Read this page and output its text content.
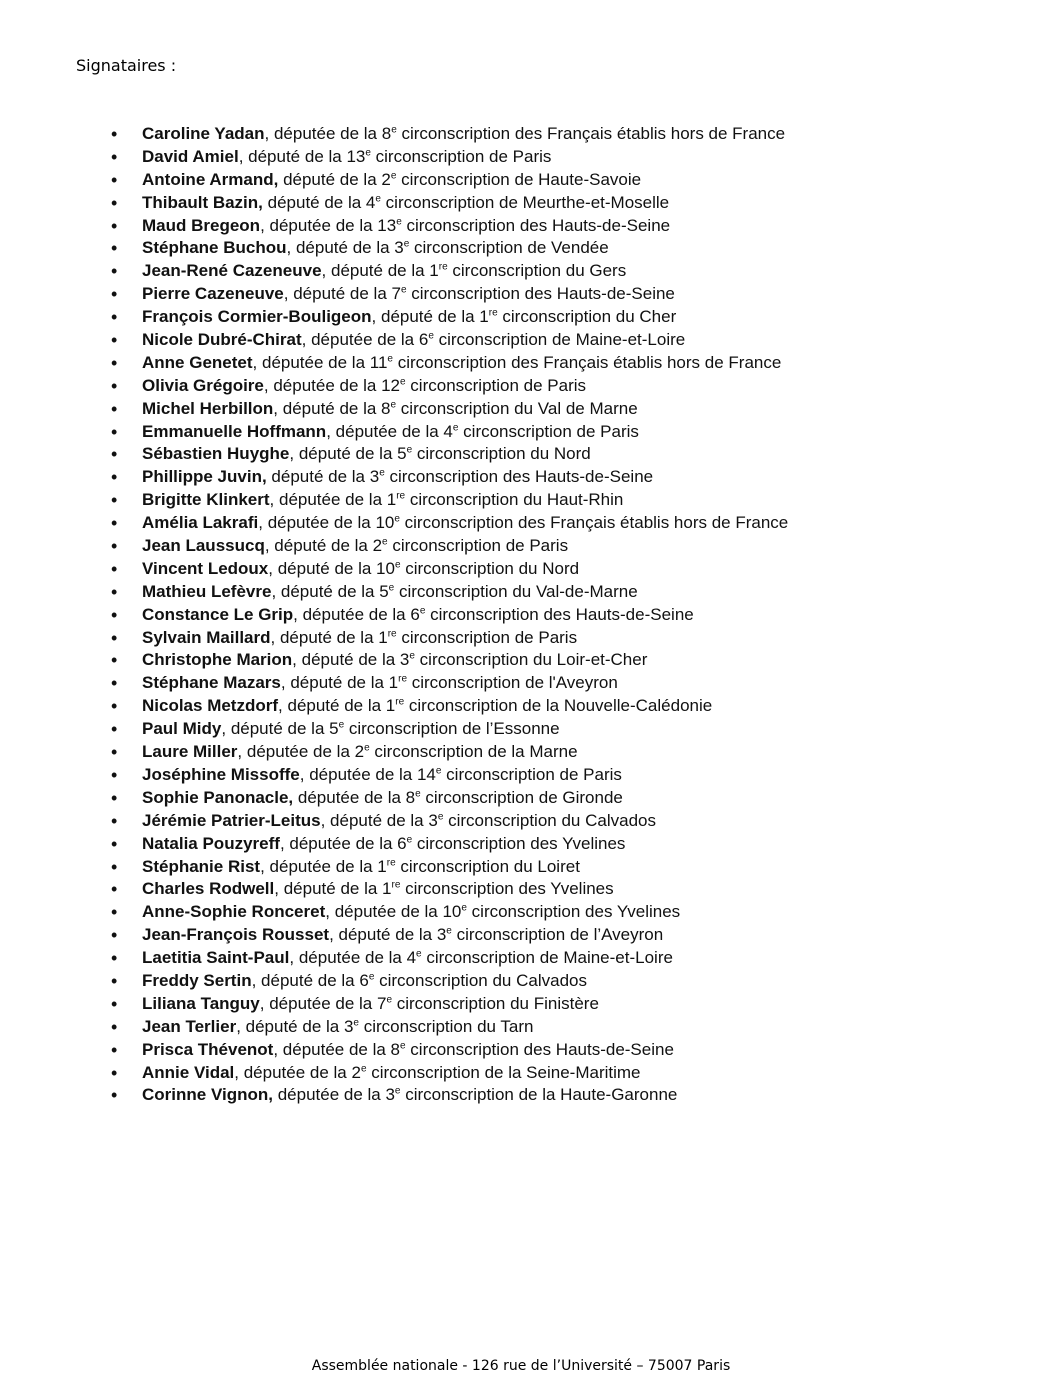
Signataires :

• Caroline Yadan, députée de la 8e circonscription des Français établis hors de France
• David Amiel, député de la 13e circonscription de Paris
• Antoine Armand, député de la 2e circonscription de Haute-Savoie
• Thibault Bazin, député de la 4e circonscription de Meurthe-et-Moselle
• Maud Bregeon, députée de la 13e circonscription des Hauts-de-Seine
• Stéphane Buchou, député de la 3e circonscription de Vendée
• Jean-René Cazeneuve, député de la 1re circonscription du Gers
• Pierre Cazeneuve, député de la 7e circonscription des Hauts-de-Seine
• François Cormier-Bouligeon, député de la 1re circonscription du Cher
• Nicole Dubré-Chirat, députée de la 6e circonscription de Maine-et-Loire
• Anne Genetet, députée de la 11e circonscription des Français établis hors de France
• Olivia Grégoire, députée de la 12e circonscription de Paris
• Michel Herbillon, député de la 8e circonscription du Val de Marne
• Emmanuelle Hoffmann, députée de la 4e circonscription de Paris
• Sébastien Huyghe, député de la 5e circonscription du Nord
• Phillippe Juvin, député de la 3e circonscription des Hauts-de-Seine
• Brigitte Klinkert, députée de la 1re circonscription du Haut-Rhin
• Amélia Lakrafi, députée de la 10e circonscription des Français établis hors de France
• Jean Laussucq, député de la 2e circonscription de Paris
• Vincent Ledoux, député de la 10e circonscription du Nord
• Mathieu Lefèvre, député de la 5e circonscription du Val-de-Marne
• Constance Le Grip, députée de la 6e circonscription des Hauts-de-Seine
• Sylvain Maillard, député de la 1re circonscription de Paris
• Christophe Marion, député de la 3e circonscription du Loir-et-Cher
• Stéphane Mazars, député de la 1re circonscription de l'Aveyron
• Nicolas Metzdorf, député de la 1re circonscription de la Nouvelle-Calédonie
• Paul Midy, député de la 5e circonscription de l’Essonne
• Laure Miller, députée de la 2e circonscription de la Marne
• Joséphine Missoffe, députée de la 14e circonscription de Paris
• Sophie Panonacle, députée de la 8e circonscription de Gironde
• Jérémie Patrier-Leitus, député de la 3e circonscription du Calvados
• Natalia Pouzyreff, députée de la 6e circonscription des Yvelines
• Stéphanie Rist, députée de la 1re circonscription du Loiret
• Charles Rodwell, député de la 1re circonscription des Yvelines
• Anne-Sophie Ronceret, députée de la 10e circonscription des Yvelines
• Jean-François Rousset, député de la 3e circonscription de l’Aveyron
• Laetitia Saint-Paul, députée de la 4e circonscription de Maine-et-Loire
• Freddy Sertin, député de la 6e circonscription du Calvados
• Liliana Tanguy, députée de la 7e circonscription du Finistère
• Jean Terlier, député de la 3e circonscription du Tarn
• Prisca Thévenot, députée de la 8e circonscription des Hauts-de-Seine
• Annie Vidal, députée de la 2e circonscription de la Seine-Maritime
• Corinne Vignon, députée de la 3e circonscription de la Haute-Garonne

Assemblée nationale - 126 rue de l’Université – 75007 Paris
